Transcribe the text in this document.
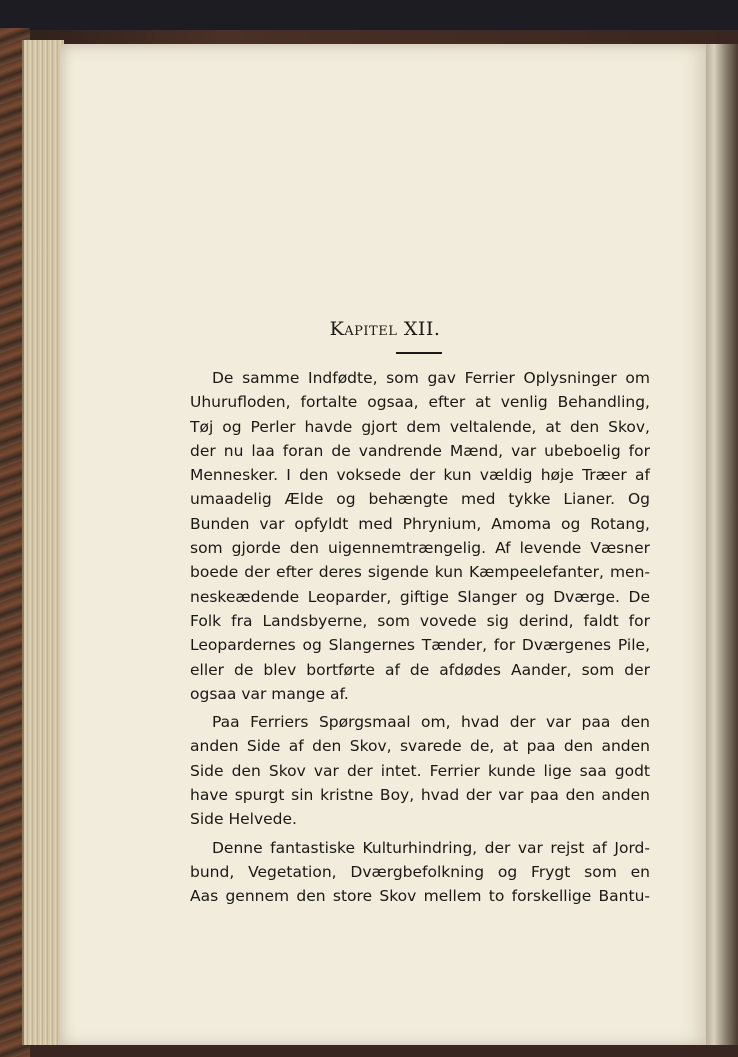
Kapitel XII.

De samme Indfødte, som gav Ferrier Oplysninger om
Uhurufloden, fortalte ogsaa, efter at venlig Behandling,
Tøj og Perler havde gjort dem veltalende, at den Skov,
der nu laa foran de vandrende Mænd, var ubeboelig for
Mennesker. I den voksede der kun vældig høje Træer af
umaadelig Ælde og behængte med tykke Lianer. Og
Bunden var opfyldt med Phrynium, Amoma og Rotang,
som gjorde den uigennemtrængelig. Af levende Væsner
boede der efter deres sigende kun Kæmpeelefanter, men-
neskeædende Leoparder, giftige Slanger og Dværge. De
Folk fra Landsbyerne, som vovede sig derind, faldt for
Leopardernes og Slangernes Tænder, for Dværgenes Pile,
eller de blev bortførte af de afdødes Aander, som der
ogsaa var mange af.

Paa Ferriers Spørgsmaal om, hvad der var paa den
anden Side af den Skov, svarede de, at paa den anden
Side den Skov var der intet. Ferrier kunde lige saa godt
have spurgt sin kristne Boy, hvad der var paa den anden
Side Helvede.

Denne fantastiske Kulturhindring, der var rejst af Jord-
bund, Vegetation, Dværgbefolkning og Frygt som en
Aas gennem den store Skov mellem to forskellige Bantu-
